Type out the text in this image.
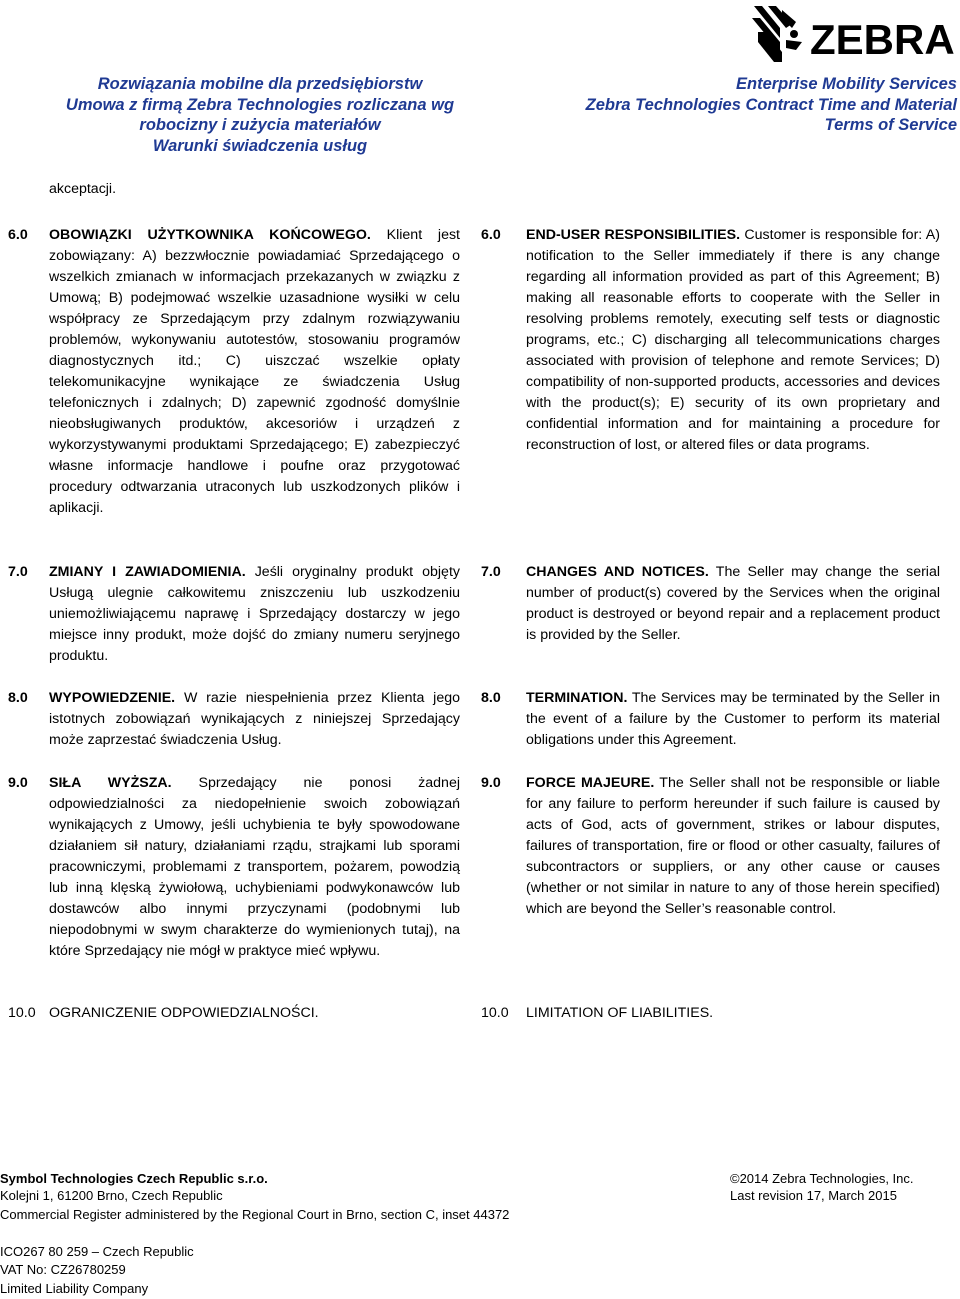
ZEBRA
Rozwiązania mobilne dla przedsiębiorstw
Umowa z firmą Zebra Technologies rozliczana wg
robocizny i zużycia materiałów
Warunki świadczenia usług
Enterprise Mobility Services
Zebra Technologies Contract Time and Material
Terms of Service
akceptacji.
6.0 OBOWIĄZKI UŻYTKOWNIKA KOŃCOWEGO. Klient jest zobowiązany: A) bezzwłocznie powiadamiać Sprzedającego o wszelkich zmianach w informacjach przekazanych w związku z Umową; B) podejmować wszelkie uzasadnione wysiłki w celu współpracy ze Sprzedającym przy zdalnym rozwiązywaniu problemów, wykonywaniu autotestów, stosowaniu programów diagnostycznych itd.; C) uiszczać wszelkie opłaty telekomunikacyjne wynikające ze świadczenia Usług telefonicznych i zdalnych; D) zapewnić zgodność domyślnie nieobsługiwanych produktów, akcesoriów i urządzeń z wykorzystywanymi produktami Sprzedającego; E) zabezpieczyć własne informacje handlowe i poufne oraz przygotować procedury odtwarzania utraconych lub uszkodzonych plików i aplikacji.
6.0 END-USER RESPONSIBILITIES. Customer is responsible for: A) notification to the Seller immediately if there is any change regarding all information provided as part of this Agreement; B) making all reasonable efforts to cooperate with the Seller in resolving problems remotely, executing self tests or diagnostic programs, etc.; C) discharging all telecommunications charges associated with provision of telephone and remote Services; D) compatibility of non-supported products, accessories and devices with the product(s); E) security of its own proprietary and confidential information and for maintaining a procedure for reconstruction of lost, or altered files or data programs.
7.0 ZMIANY I ZAWIADOMIENIA. Jeśli oryginalny produkt objęty Usługą ulegnie całkowitemu zniszczeniu lub uszkodzeniu uniemożliwiającemu naprawę i Sprzedający dostarczy w jego miejsce inny produkt, może dojść do zmiany numeru seryjnego produktu.
7.0 CHANGES AND NOTICES. The Seller may change the serial number of product(s) covered by the Services when the original product is destroyed or beyond repair and a replacement product is provided by the Seller.
8.0 WYPOWIEDZENIE. W razie niespełnienia przez Klienta jego istotnych zobowiązań wynikających z niniejszej Sprzedający może zaprzestać świadczenia Usług.
8.0 TERMINATION. The Services may be terminated by the Seller in the event of a failure by the Customer to perform its material obligations under this Agreement.
9.0 SIŁA WYŻSZA. Sprzedający nie ponosi żadnej odpowiedzialności za niedopełnienie swoich zobowiązań wynikających z Umowy, jeśli uchybienia te były spowodowane działaniem sił natury, działaniami rządu, strajkami lub sporami pracowniczymi, problemami z transportem, pożarem, powodzią lub inną klęską żywiołową, uchybieniami podwykonawców lub dostawców albo innymi przyczynami (podobnymi lub niepodobnymi w swym charakterze do wymienionych tutaj), na które Sprzedający nie mógł w praktyce mieć wpływu.
9.0 FORCE MAJEURE. The Seller shall not be responsible or liable for any failure to perform hereunder if such failure is caused by acts of God, acts of government, strikes or labour disputes, failures of transportation, fire or flood or other casualty, failures of subcontractors or suppliers, or any other cause or causes (whether or not similar in nature to any of those herein specified) which are beyond the Seller’s reasonable control.
10.0 OGRANICZENIE ODPOWIEDZIALNOŚCI.	10.0 LIMITATION OF LIABILITIES.
Symbol Technologies Czech Republic s.r.o.
Kolejni 1, 61200 Brno, Czech Republic
Commercial Register administered by the Regional Court in Brno, section C, inset 44372
ICO267 80 259 – Czech Republic
VAT No: CZ26780259
Limited Liability Company
©2014 Zebra Technologies, Inc.
Last revision 17, March 2015
